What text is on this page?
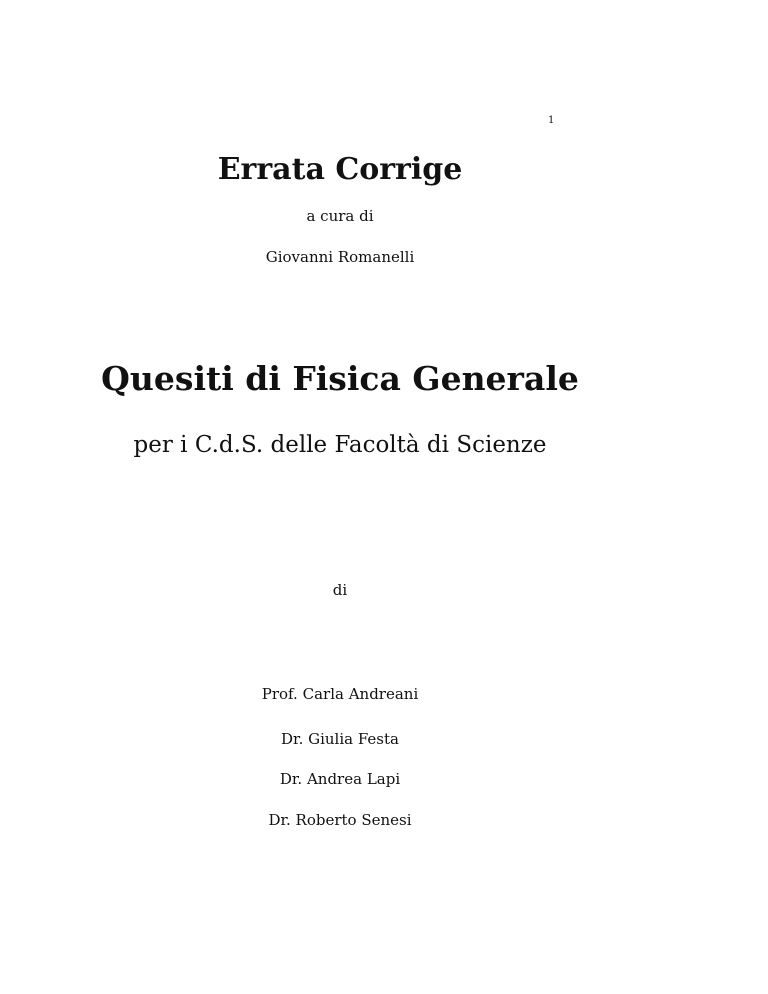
1
Errata Corrige
a cura di
Giovanni Romanelli
Quesiti di Fisica Generale
per i C.d.S. delle Facoltà di Scienze
di
Prof. Carla Andreani
Dr. Giulia Festa
Dr. Andrea Lapi
Dr. Roberto Senesi
